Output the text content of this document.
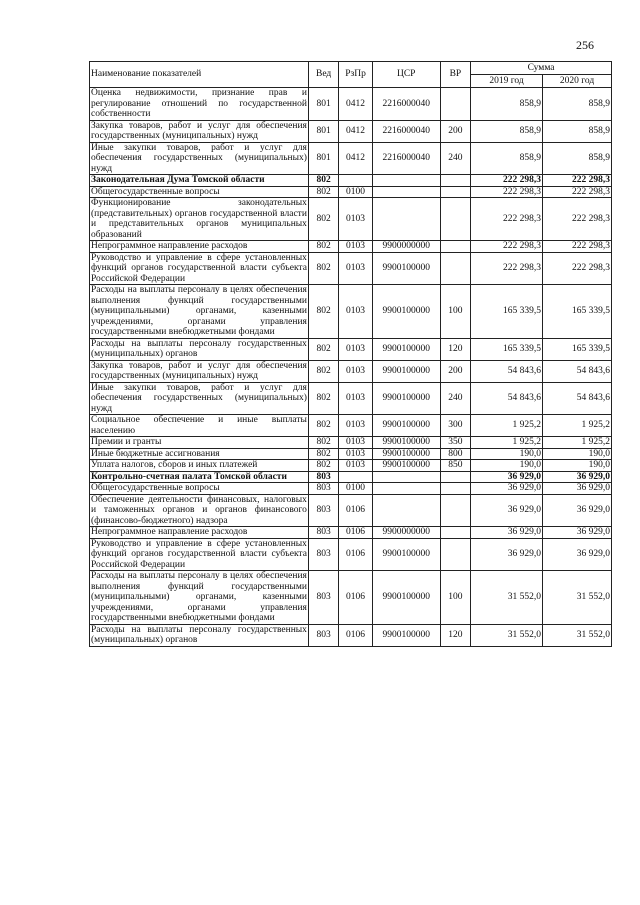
256
Наименование показателей	Вед	РзПр	ЦСР	ВР	Сумма	
					2019 год	2020 год
Оценка недвижимости, признание прав и регулирование отношений по государственной собственности	801	0412	2216000040		858,9	858,9
Закупка товаров, работ и услуг для обеспечения государственных (муниципальных) нужд	801	0412	2216000040	200	858,9	858,9
Иные закупки товаров, работ и услуг для обеспечения государственных (муниципальных) нужд	801	0412	2216000040	240	858,9	858,9
Законодательная Дума Томской области	802				222 298,3	222 298,3
Общегосударственные вопросы	802	0100			222 298,3	222 298,3
Функционирование законодательных (представительных) органов государственной власти и представительных органов муниципальных образований	802	0103			222 298,3	222 298,3
Непрограммное направление расходов	802	0103	9900000000		222 298,3	222 298,3
Руководство и управление в сфере установленных функций органов государственной власти субъекта Российской Федерации	802	0103	9900100000		222 298,3	222 298,3
Расходы на выплаты персоналу в целях обеспечения выполнения функций государственными (муниципальными) органами, казенными учреждениями, органами управления государственными внебюджетными фондами	802	0103	9900100000	100	165 339,5	165 339,5
Расходы на выплаты персоналу государственных (муниципальных) органов	802	0103	9900100000	120	165 339,5	165 339,5
Закупка товаров, работ и услуг для обеспечения государственных (муниципальных) нужд	802	0103	9900100000	200	54 843,6	54 843,6
Иные закупки товаров, работ и услуг для обеспечения государственных (муниципальных) нужд	802	0103	9900100000	240	54 843,6	54 843,6
Социальное обеспечение и иные выплаты населению	802	0103	9900100000	300	1 925,2	1 925,2
Премии и гранты	802	0103	9900100000	350	1 925,2	1 925,2
Иные бюджетные ассигнования	802	0103	9900100000	800	190,0	190,0
Уплата налогов, сборов и иных платежей	802	0103	9900100000	850	190,0	190,0
Контрольно-счетная палата Томской области	803				36 929,0	36 929,0
Общегосударственные вопросы	803	0100			36 929,0	36 929,0
Обеспечение деятельности финансовых, налоговых и таможенных органов и органов финансового (финансово-бюджетного) надзора	803	0106			36 929,0	36 929,0
Непрограммное направление расходов	803	0106	9900000000		36 929,0	36 929,0
Руководство и управление в сфере установленных функций органов государственной власти субъекта Российской Федерации	803	0106	9900100000		36 929,0	36 929,0
Расходы на выплаты персоналу в целях обеспечения выполнения функций государственными (муниципальными) органами, казенными учреждениями, органами управления государственными внебюджетными фондами	803	0106	9900100000	100	31 552,0	31 552,0
Расходы на выплаты персоналу государственных (муниципальных) органов	803	0106	9900100000	120	31 552,0	31 552,0
